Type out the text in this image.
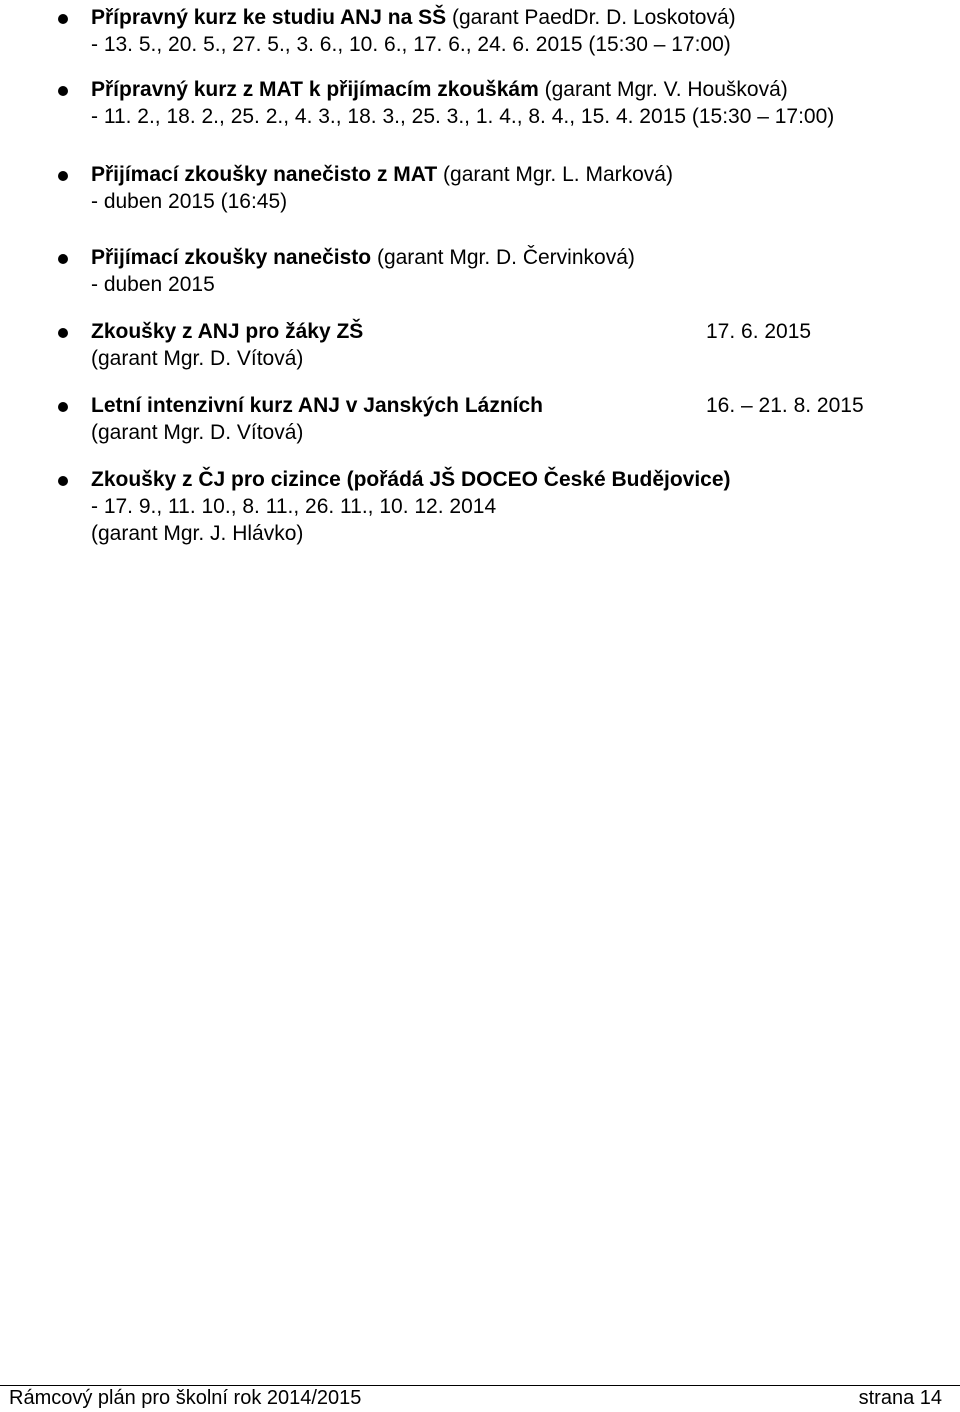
Přípravný kurz ke studiu ANJ na SŠ (garant PaedDr. D. Loskotová)
- 13. 5., 20. 5., 27. 5., 3. 6., 10. 6., 17. 6., 24. 6. 2015 (15:30 – 17:00)
Přípravný kurz z MAT k přijímacím zkouškám (garant Mgr. V. Houšková)
- 11. 2., 18. 2., 25. 2., 4. 3., 18. 3., 25. 3., 1. 4., 8. 4., 15. 4. 2015 (15:30 – 17:00)
Přijímací zkoušky nanečisto z MAT (garant Mgr. L. Marková)
- duben 2015 (16:45)
Přijímací zkoušky nanečisto (garant Mgr. D. Červinková)
- duben 2015
Zkoušky z ANJ pro žáky ZŠ	17. 6. 2015
(garant Mgr. D. Vítová)
Letní intenzivní kurz ANJ v Janských Lázních	16. – 21. 8. 2015
(garant Mgr. D. Vítová)
Zkoušky z ČJ pro cizince (pořádá JŠ DOCEO České Budějovice)
- 17. 9., 11. 10., 8. 11., 26. 11., 10. 12. 2014
(garant Mgr. J. Hlávko)
Rámcový plán pro školní rok 2014/2015	strana 14
